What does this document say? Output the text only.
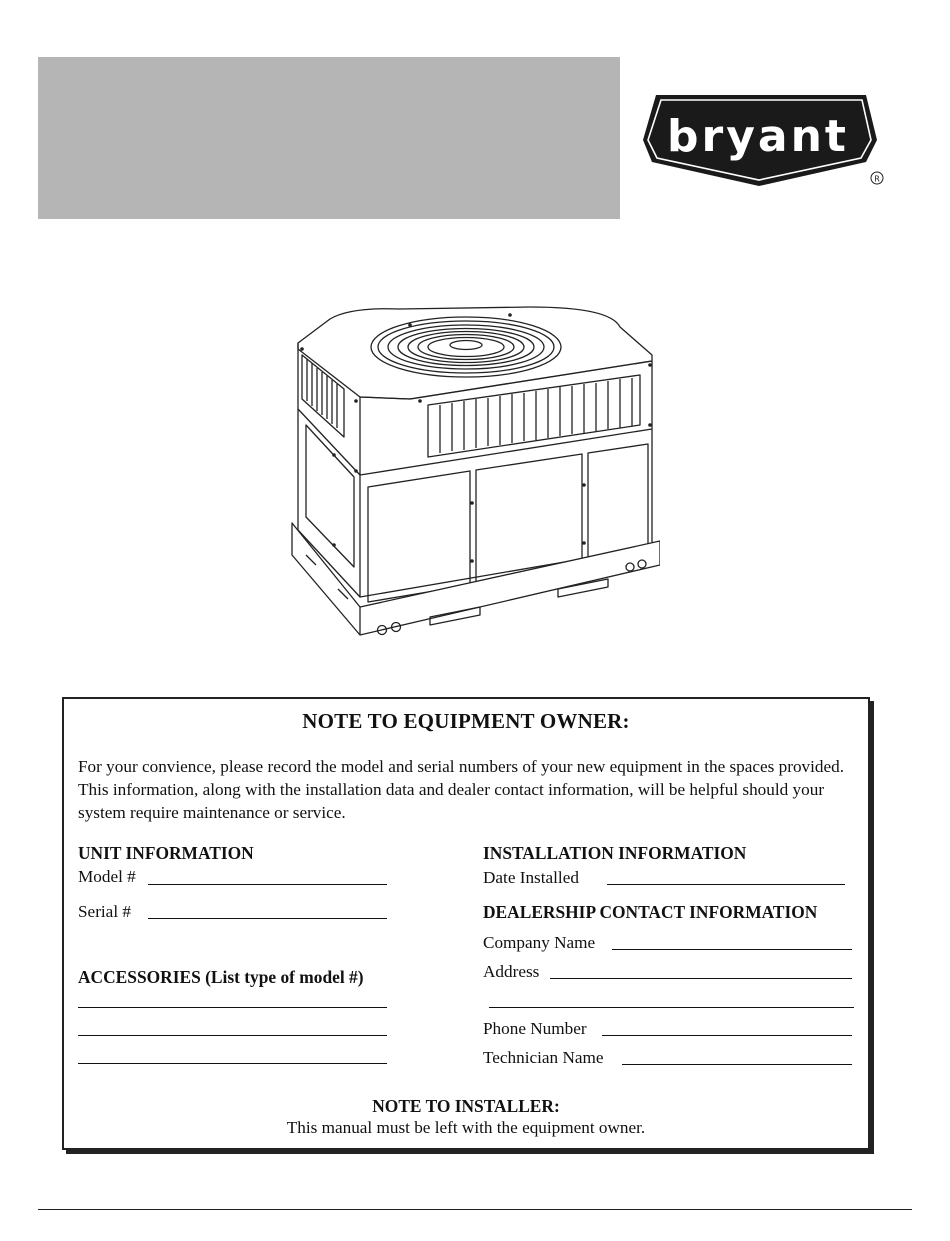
bryant
R
NOTE TO EQUIPMENT OWNER:
For your convience, please record the model and serial numbers of your new equipment in the spaces provided. This information, along with the installation data and dealer contact information, will be helpful should your system require maintenance or service.
UNIT INFORMATION
Model #
Serial #
ACCESSORIES (List type of model #)
INSTALLATION INFORMATION
Date Installed
DEALERSHIP CONTACT INFORMATION
Company Name
Address
Phone Number
Technician Name
NOTE TO INSTALLER:
This manual must be left with the equipment owner.
